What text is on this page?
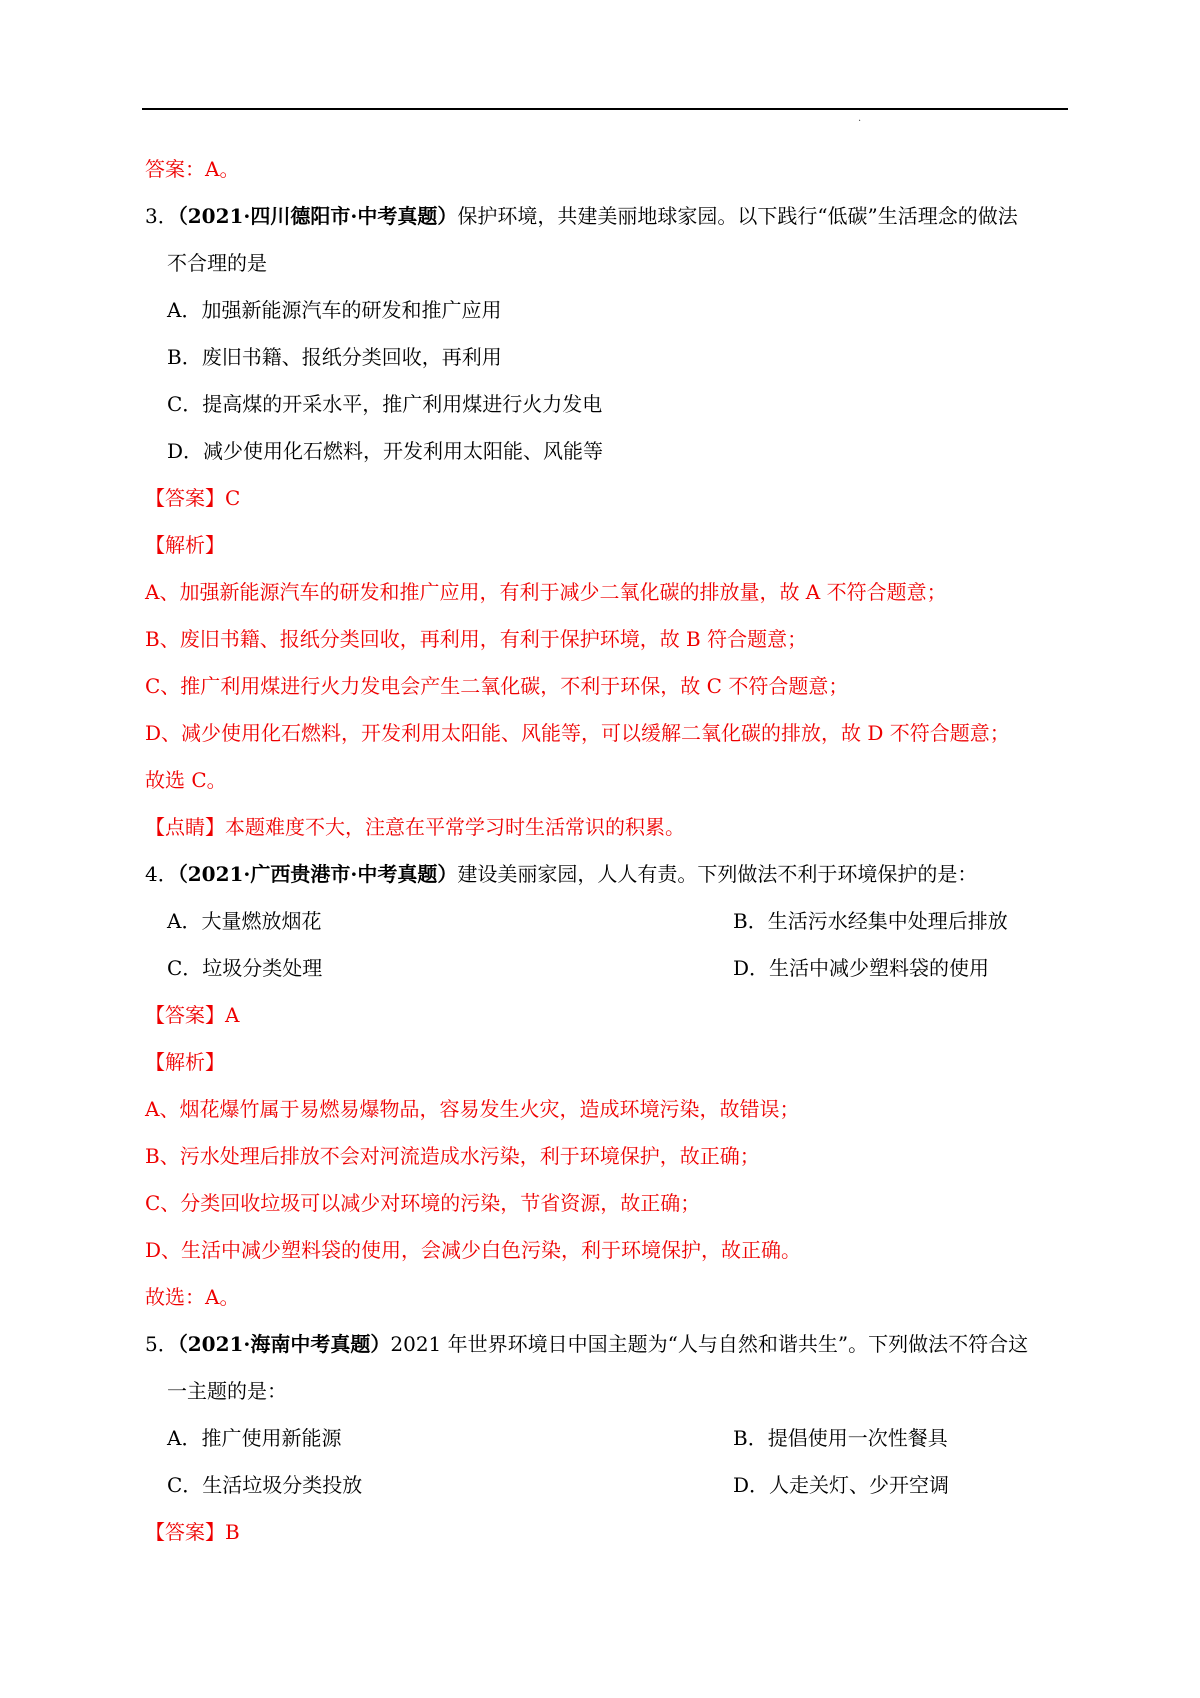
·
答案：A。
3．（2021·四川德阳市·中考真题）保护环境，共建美丽地球家园。以下践行“低碳”生活理念的做法
不合理的是
A．加强新能源汽车的研发和推广应用
B．废旧书籍、报纸分类回收，再利用
C．提高煤的开采水平，推广利用煤进行火力发电
D．减少使用化石燃料，开发利用太阳能、风能等
【答案】C
【解析】
A、加强新能源汽车的研发和推广应用，有利于减少二氧化碳的排放量，故 A 不符合题意；
B、废旧书籍、报纸分类回收，再利用，有利于保护环境，故 B 符合题意；
C、推广利用煤进行火力发电会产生二氧化碳，不利于环保，故 C 不符合题意；
D、减少使用化石燃料，开发利用太阳能、风能等，可以缓解二氧化碳的排放，故 D 不符合题意；
故选 C。
【点睛】本题难度不大，注意在平常学习时生活常识的积累。
4．（2021·广西贵港市·中考真题）建设美丽家园，人人有责。下列做法不利于环境保护的是：
A．大量燃放烟花	B．生活污水经集中处理后排放
C．垃圾分类处理	D．生活中减少塑料袋的使用
【答案】A
【解析】
A、烟花爆竹属于易燃易爆物品，容易发生火灾，造成环境污染，故错误；
B、污水处理后排放不会对河流造成水污染，利于环境保护，故正确；
C、分类回收垃圾可以减少对环境的污染，节省资源，故正确；
D、生活中减少塑料袋的使用，会减少白色污染，利于环境保护，故正确。
故选：A。
5．（2021·海南中考真题）2021 年世界环境日中国主题为“人与自然和谐共生”。下列做法不符合这
一主题的是：
A．推广使用新能源	B．提倡使用一次性餐具
C．生活垃圾分类投放	D．人走关灯、少开空调
【答案】B
